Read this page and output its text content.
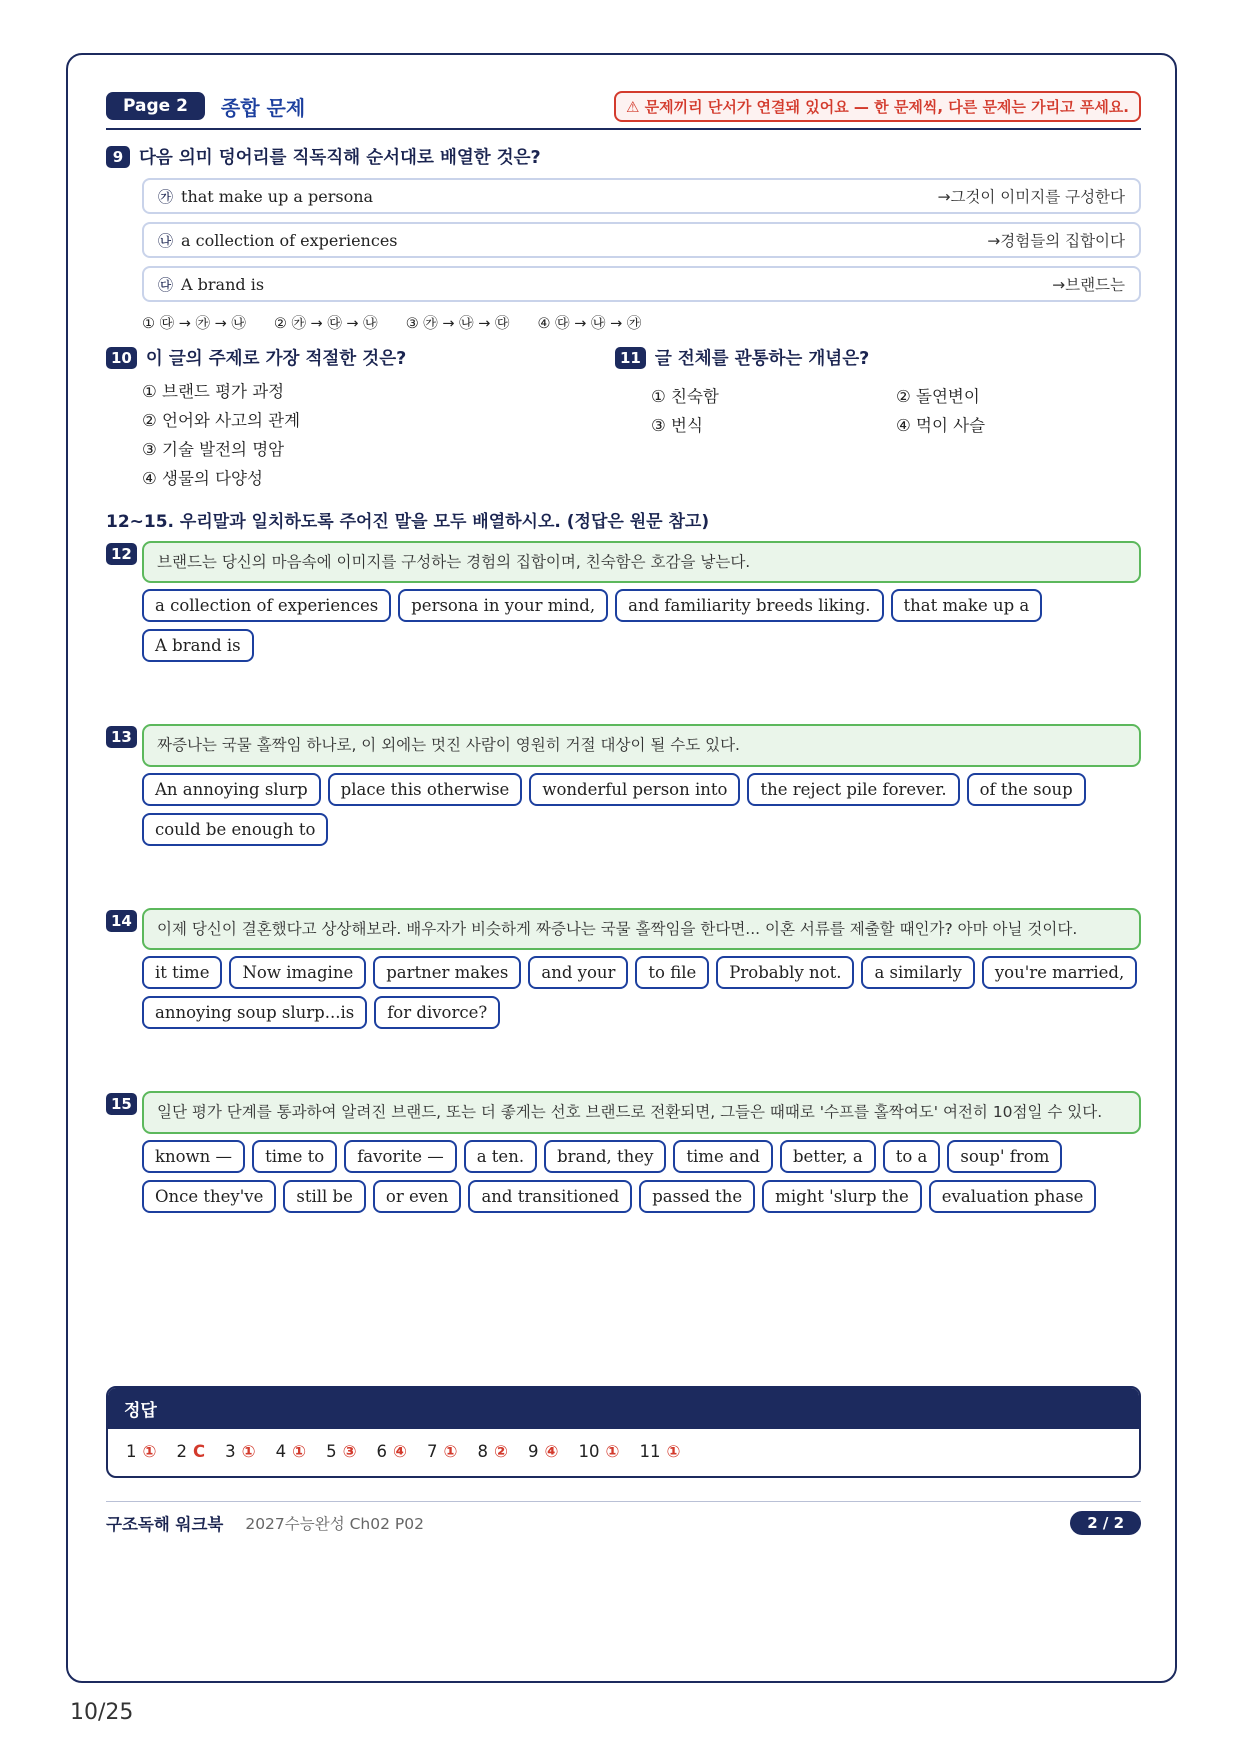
Page 2	종합 문제	⚠ 문제끼리 단서가 연결돼 있어요 — 한 문제씩, 다른 문제는 가리고 푸세요.
9 다음 의미 덩어리를 직독직해 순서대로 배열한 것은?
㉮ that make up a persona	→그것이 이미지를 구성한다
㉯ a collection of experiences	→경험들의 집합이다
㉰ A brand is	→브랜드는
① ㉰ → ㉮ → ㉯ ② ㉮ → ㉰ → ㉯ ③ ㉮ → ㉯ → ㉰ ④ ㉰ → ㉯ → ㉮
10 이 글의 주제로 가장 적절한 것은?
① 브랜드 평가 과정
② 언어와 사고의 관계
③ 기술 발전의 명암
④ 생물의 다양성
11 글 전체를 관통하는 개념은?
① 친숙함	② 돌연변이
③ 번식	④ 먹이 사슬
12~15. 우리말과 일치하도록 주어진 말을 모두 배열하시오. (정답은 원문 참고)
12	브랜드는 당신의 마음속에 이미지를 구성하는 경험의 집합이며, 친숙함은 호감을 낳는다.
a collection of experiences	persona in your mind,	and familiarity breeds liking.	that make up a
A brand is
13	짜증나는 국물 홀짝임 하나로, 이 외에는 멋진 사람이 영원히 거절 대상이 될 수도 있다.
An annoying slurp	place this otherwise	wonderful person into	the reject pile forever.	of the soup
could be enough to
14	이제 당신이 결혼했다고 상상해보라. 배우자가 비슷하게 짜증나는 국물 홀짝임을 한다면... 이혼 서류를 제출할 때인가? 아마 아닐 것이다.
it time	Now imagine	partner makes	and your	to file	Probably not.	a similarly	you're married,
annoying soup slurp...is	for divorce?
15	일단 평가 단계를 통과하여 알려진 브랜드, 또는 더 좋게는 선호 브랜드로 전환되면, 그들은 때때로 '수프를 홀짝여도' 여전히 10점일 수 있다.
known —	time to	favorite —	a ten.	brand, they	time and	better, a	to a	soup' from
Once they've	still be	or even	and transitioned	passed the	might 'slurp the	evaluation phase
정답
1 ① 2 C 3 ① 4 ① 5 ③ 6 ④ 7 ① 8 ② 9 ④ 10 ① 11 ①
구조독해 워크북 2027수능완성 Ch02 P02	2 / 2
10/25
